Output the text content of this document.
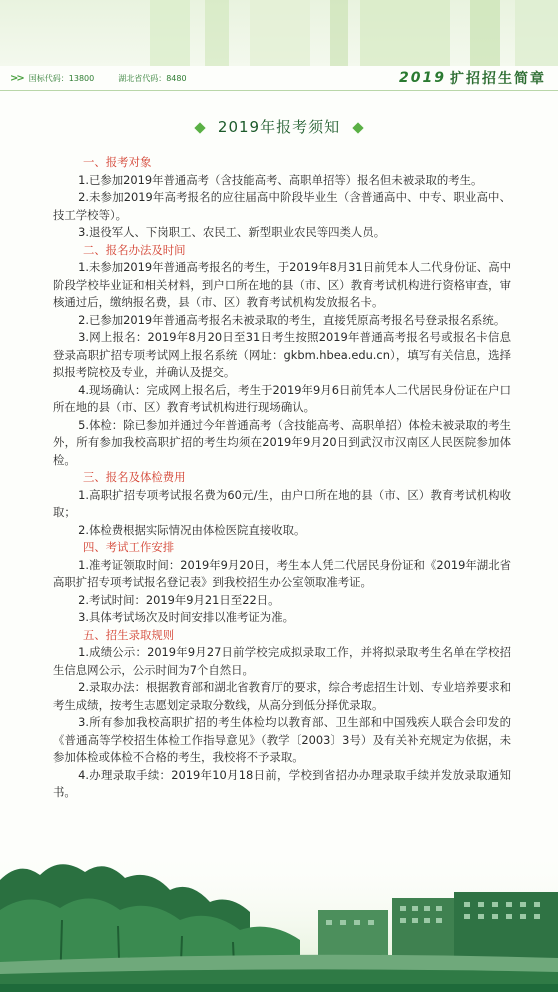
>> 国标代码：13800	湖北省代码：8480	2019 扩招招生简章
2019年报考须知
一、报考对象
1.已参加2019年普通高考（含技能高考、高职单招等）报名但未被录取的考生。
2.未参加2019年高考报名的应往届高中阶段毕业生（含普通高中、中专、职业高中、技工学校等）。
3.退役军人、下岗职工、农民工、新型职业农民等四类人员。
二、报名办法及时间
1.未参加2019年普通高考报名的考生，于2019年8月31日前凭本人二代身份证、高中阶段学校毕业证和相关材料，到户口所在地的县（市、区）教育考试机构进行资格审查，审核通过后，缴纳报名费，县（市、区）教育考试机构发放报名卡。
2.已参加2019年普通高考报名未被录取的考生，直接凭原高考报名号登录报名系统。
3.网上报名：2019年8月20日至31日考生按照2019年普通高考报名号或报名卡信息登录高职扩招专项考试网上报名系统（网址：gkbm.hbea.edu.cn），填写有关信息，选择拟报考院校及专业，并确认及提交。
4.现场确认：完成网上报名后，考生于2019年9月6日前凭本人二代居民身份证在户口所在地的县（市、区）教育考试机构进行现场确认。
5.体检：除已参加并通过今年普通高考（含技能高考、高职单招）体检未被录取的考生外，所有参加我校高职扩招的考生均须在2019年9月20日到武汉市汉南区人民医院参加体检。
三、报名及体检费用
1.高职扩招专项考试报名费为60元/生，由户口所在地的县（市、区）教育考试机构收取；
2.体检费根据实际情况由体检医院直接收取。
四、考试工作安排
1.准考证领取时间：2019年9月20日，考生本人凭二代居民身份证和《2019年湖北省高职扩招专项考试报名登记表》到我校招生办公室领取准考证。
2.考试时间：2019年9月21日至22日。
3.具体考试场次及时间安排以准考证为准。
五、招生录取规则
1.成绩公示：2019年9月27日前学校完成拟录取工作，并将拟录取考生名单在学校招生信息网公示，公示时间为7个自然日。
2.录取办法：根据教育部和湖北省教育厅的要求，综合考虑招生计划、专业培养要求和考生成绩，按考生志愿划定录取分数线，从高分到低分择优录取。
3.所有参加我校高职扩招的考生体检均以教育部、卫生部和中国残疾人联合会印发的《普通高等学校招生体检工作指导意见》（教学〔2003〕3号）及有关补充规定为依据，未参加体检或体检不合格的考生，我校将不予录取。
4.办理录取手续：2019年10月18日前，学校到省招办办理录取手续并发放录取通知书。
